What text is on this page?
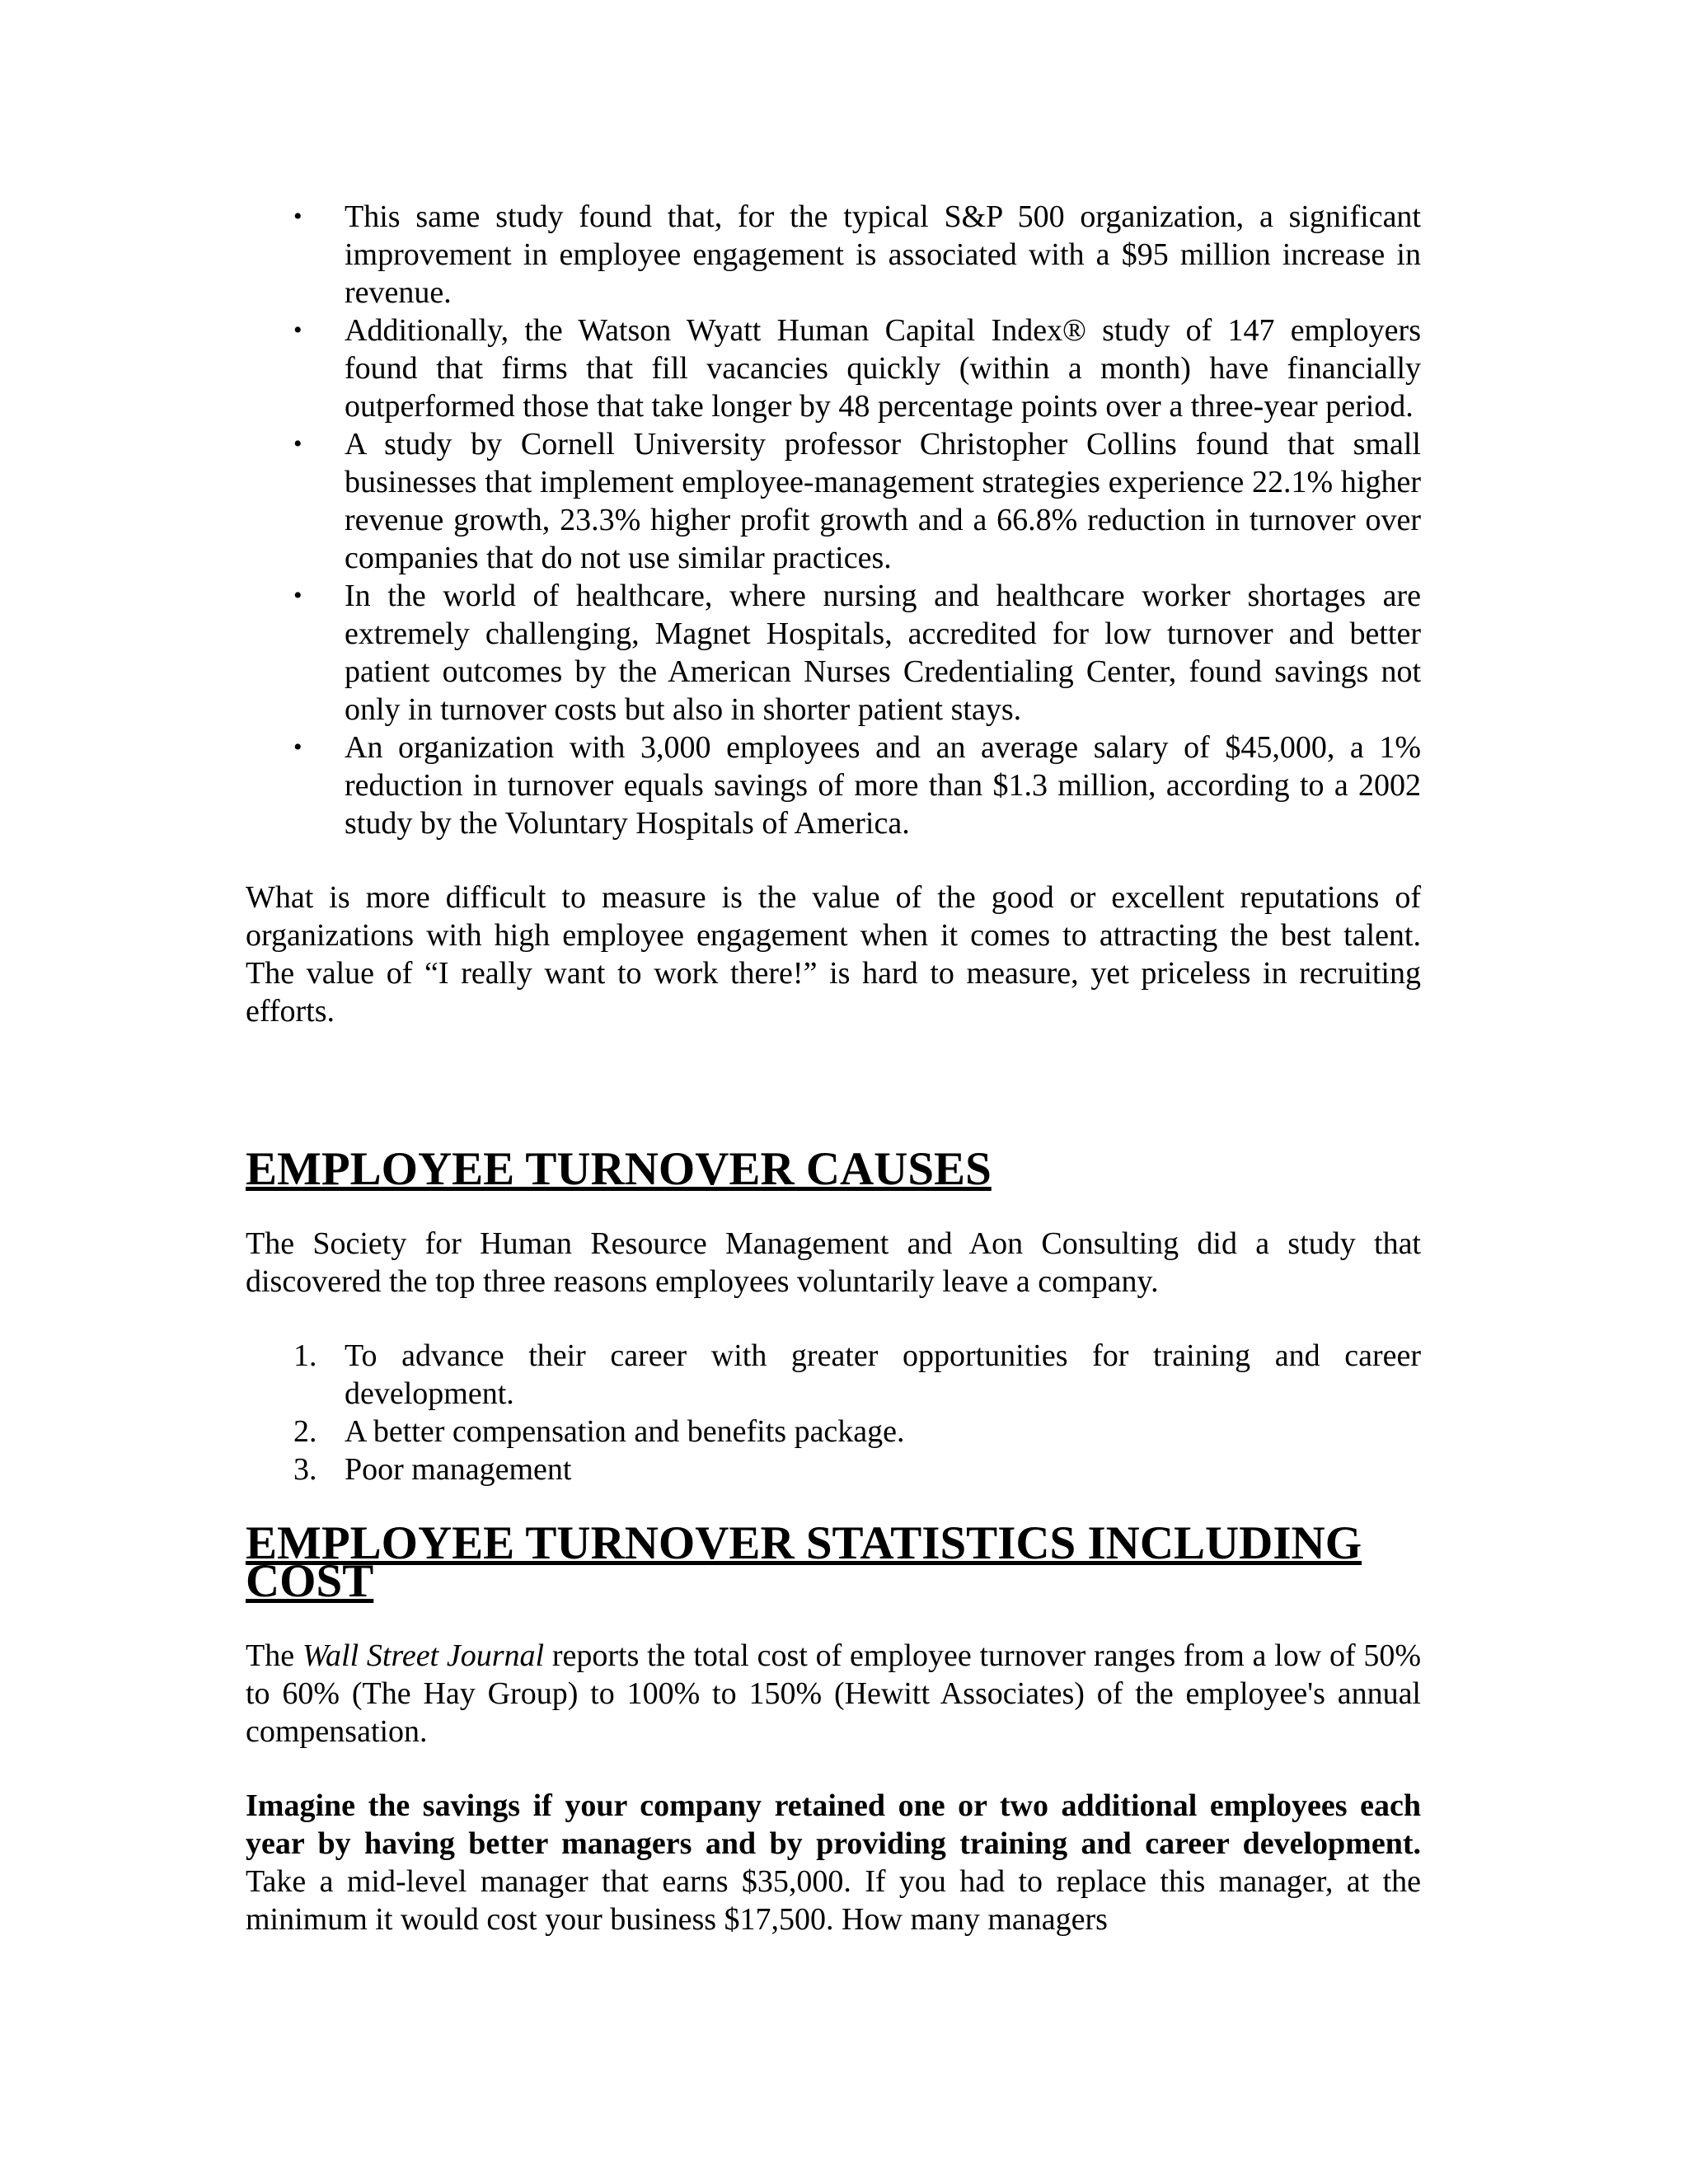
• This same study found that, for the typical S&P 500 organization, a significant improvement in employee engagement is associated with a $95 million increase in revenue.
• Additionally, the Watson Wyatt Human Capital Index® study of 147 employers found that firms that fill vacancies quickly (within a month) have financially outperformed those that take longer by 48 percentage points over a three-year period.
• A study by Cornell University professor Christopher Collins found that small businesses that implement employee-management strategies experience 22.1% higher revenue growth, 23.3% higher profit growth and a 66.8% reduction in turnover over companies that do not use similar practices.
• In the world of healthcare, where nursing and healthcare worker shortages are extremely challenging, Magnet Hospitals, accredited for low turnover and better patient outcomes by the American Nurses Credentialing Center, found savings not only in turnover costs but also in shorter patient stays.
• An organization with 3,000 employees and an average salary of $45,000, a 1% reduction in turnover equals savings of more than $1.3 million, according to a 2002 study by the Voluntary Hospitals of America.

What is more difficult to measure is the value of the good or excellent reputations of organizations with high employee engagement when it comes to attracting the best talent. The value of “I really want to work there!” is hard to measure, yet priceless in recruiting efforts.

EMPLOYEE TURNOVER CAUSES

The Society for Human Resource Management and Aon Consulting did a study that discovered the top three reasons employees voluntarily leave a company.

1. To advance their career with greater opportunities for training and career development.
2. A better compensation and benefits package.
3. Poor management
EMPLOYEE TURNOVER STATISTICS INCLUDING COST

The Wall Street Journal reports the total cost of employee turnover ranges from a low of 50% to 60% (The Hay Group) to 100% to 150% (Hewitt Associates) of the employee's annual compensation.

Imagine the savings if your company retained one or two additional employees each year by having better managers and by providing training and career development. Take a mid-level manager that earns $35,000. If you had to replace this manager, at the minimum it would cost your business $17,500. How many managers
